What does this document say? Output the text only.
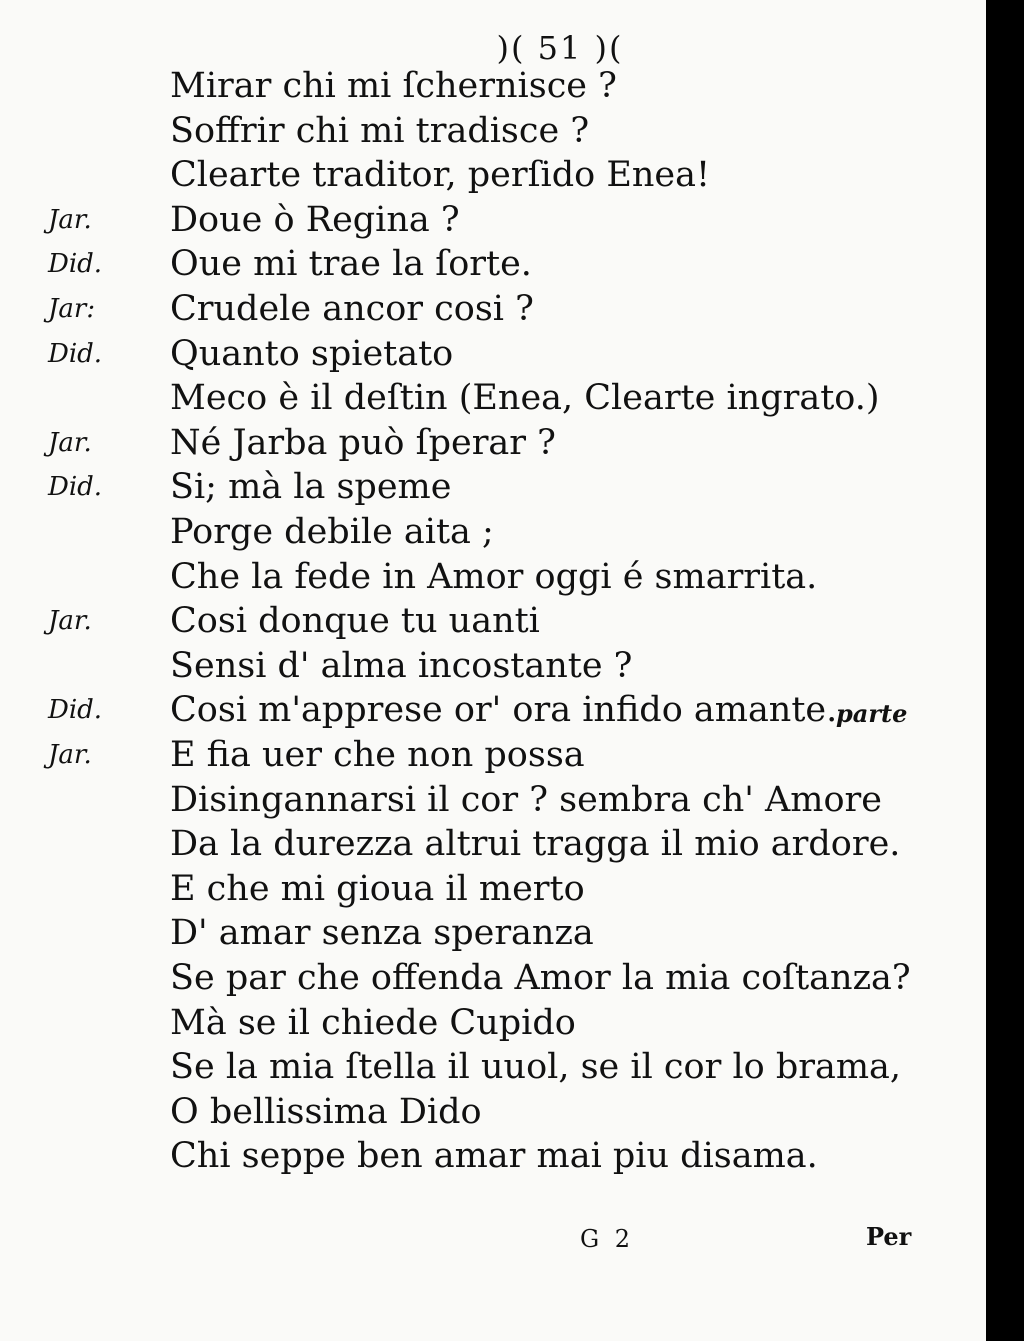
)( 51 )(
Mirar chi mi ſchernisce ?
Soffrir chi mi tradisce ?
Clearte traditor, perſido Enea!
Jar. Doue ò Regina ?
Did. Oue mi trae la ſorte.
Jar: Crudele ancor cosi ?
Did. Quanto spietato
Meco è il deſtin (Enea, Clearte ingrato.)
Jar. Né Jarba può ſperar ?
Did. Si; mà la speme
Porge debile aita ;
Che la fede in Amor oggi é smarrita.
Jar. Cosi donque tu uanti
Sensi d' alma incostante ?
Did. Cosi m'apprese or' ora infido amante.
parte
Jar. E fia uer che non possa
Disingannarsi il cor ? sembra ch' Amore
Da la durezza altrui tragga il mio ardore.
E che mi gioua il merto
D' amar senza speranza
Se par che offenda Amor la mia coſtanza?
Mà se il chiede Cupido
Se la mia ſtella il uuol, se il cor lo brama,
O bellissima Dido
Chi seppe ben amar mai piu disama.
G 2	Per
